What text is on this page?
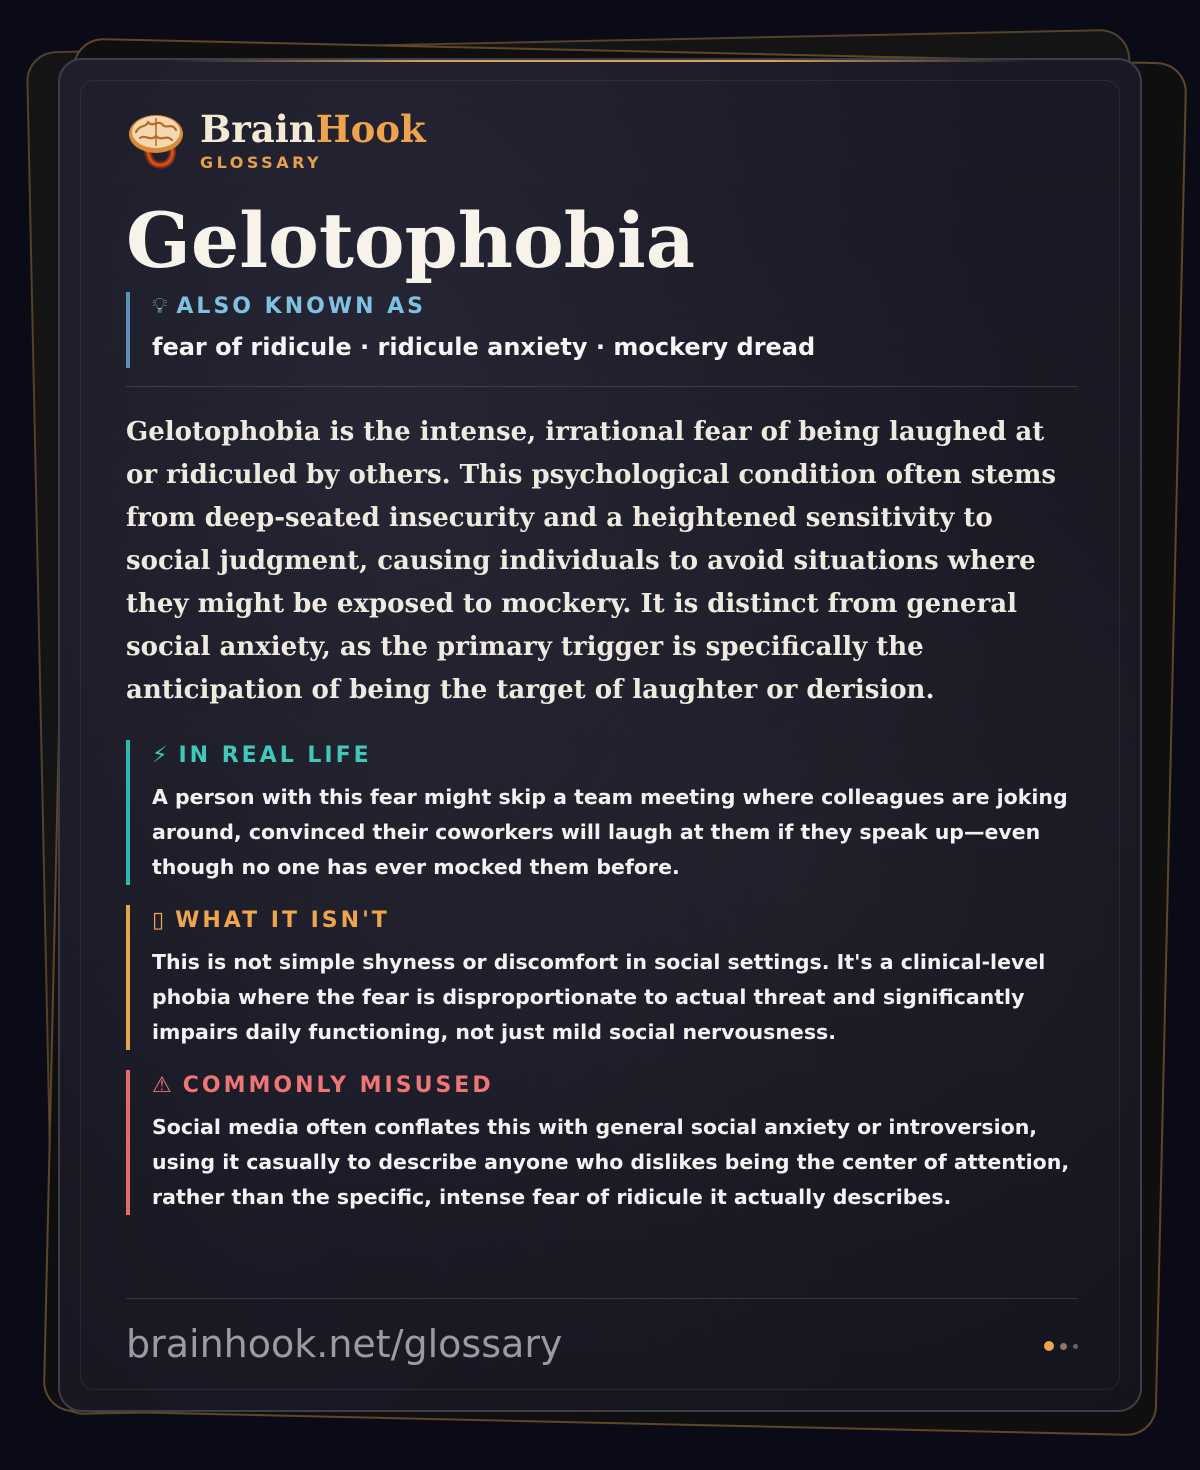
BrainHook
GLOSSARY
Gelotophobia
💡︎ ALSO KNOWN AS
fear of ridicule · ridicule anxiety · mockery dread
Gelotophobia is the intense, irrational fear of being laughed at or ridiculed by others. This psychological condition often stems from deep-seated insecurity and a heightened sensitivity to social judgment, causing individuals to avoid situations where they might be exposed to mockery. It is distinct from general social anxiety, as the primary trigger is specifically the anticipation of being the target of laughter or derision.
⚡︎ IN REAL LIFE
A person with this fear might skip a team meeting where colleagues are joking around, convinced their coworkers will laugh at them if they speak up—even though no one has ever mocked them before.
▯ WHAT IT ISN'T
This is not simple shyness or discomfort in social settings. It's a clinical-level phobia where the fear is disproportionate to actual threat and significantly impairs daily functioning, not just mild social nervousness.
⚠︎ COMMONLY MISUSED
Social media often conflates this with general social anxiety or introversion, using it casually to describe anyone who dislikes being the center of attention, rather than the specific, intense fear of ridicule it actually describes.
brainhook.net/glossary
